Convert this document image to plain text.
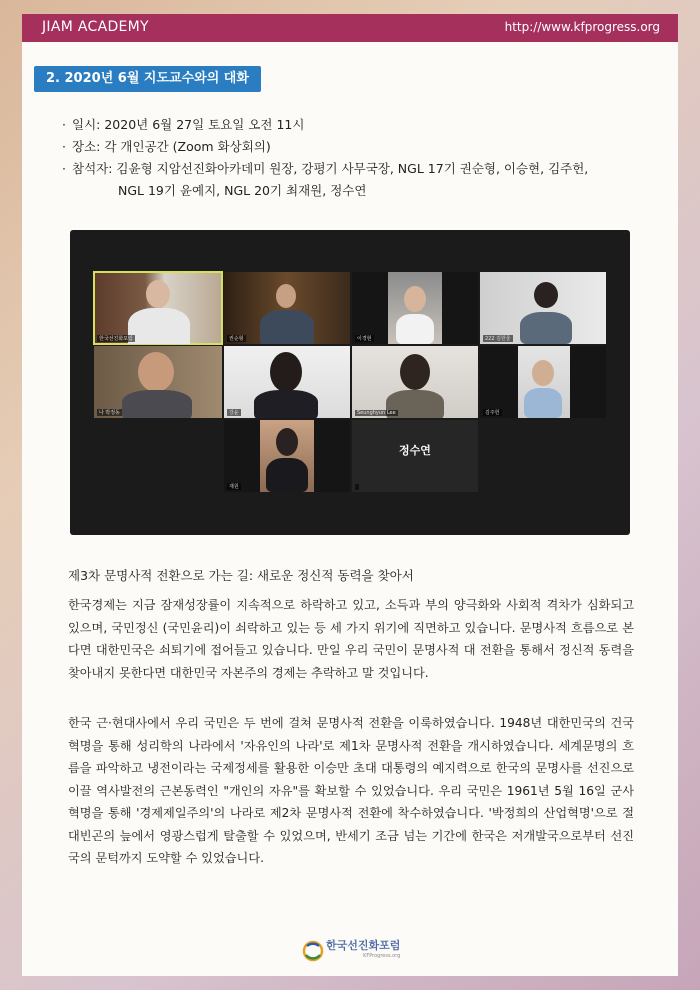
JIAM ACADEMY	http://www.kfprogress.org
2. 2020년 6월 지도교수와의 대화
· 일시: 2020년 6월 27일 토요일 오전 11시
· 장소: 각 개인공간 (Zoom 화상회의)
· 참석자: 김윤형 지암선진화아카데미 원장, 강평기 사무국장, NGL 17기 권순형, 이승현, 김주헌,
NGL 19기 윤예지, NGL 20기 최재원, 정수연
한국선진화포럼	권순형	이경현	222 김한울
나 박정동	강윤	Seunghyun Lee	김주헌
재원
정수연
제3차 문명사적 전환으로 가는 길: 새로운 정신적 동력을 찾아서

한국경제는 지금 잠재성장률이 지속적으로 하락하고 있고, 소득과 부의 양극화와 사회적 격차가 심화되고 있으며, 국민정신 (국민윤리)이 쇠락하고 있는 등 세 가지 위기에 직면하고 있습니다. 문명사적 흐름으로 본다면 대한민국은 쇠퇴기에 접어들고 있습니다. 만일 우리 국민이 문명사적 대 전환을 통해서 정신적 동력을 찾아내지 못한다면 대한민국 자본주의 경제는 추락하고 말 것입니다.

한국 근·현대사에서 우리 국민은 두 번에 걸쳐 문명사적 전환을 이룩하였습니다. 1948년 대한민국의 건국혁명을 통해 성리학의 나라에서 '자유인의 나라'로 제1차 문명사적 전환을 개시하였습니다. 세계문명의 흐름을 파악하고 냉전이라는 국제정세를 활용한 이승만 초대 대통령의 예지력으로 한국의 문명사를 선진으로 이끌 역사발전의 근본동력인 "개인의 자유"를 확보할 수 있었습니다. 우리 국민은 1961년 5월 16일 군사혁명을 통해 '경제제일주의'의 나라로 제2차 문명사적 전환에 착수하였습니다. '박정희의 산업혁명'으로 절대빈곤의 늪에서 영광스럽게 탈출할 수 있었으며, 반세기 조금 넘는 기간에 한국은 저개발국으로부터 선진국의 문턱까지 도약할 수 있었습니다.

한국선진화포럼
KFProgress.org
